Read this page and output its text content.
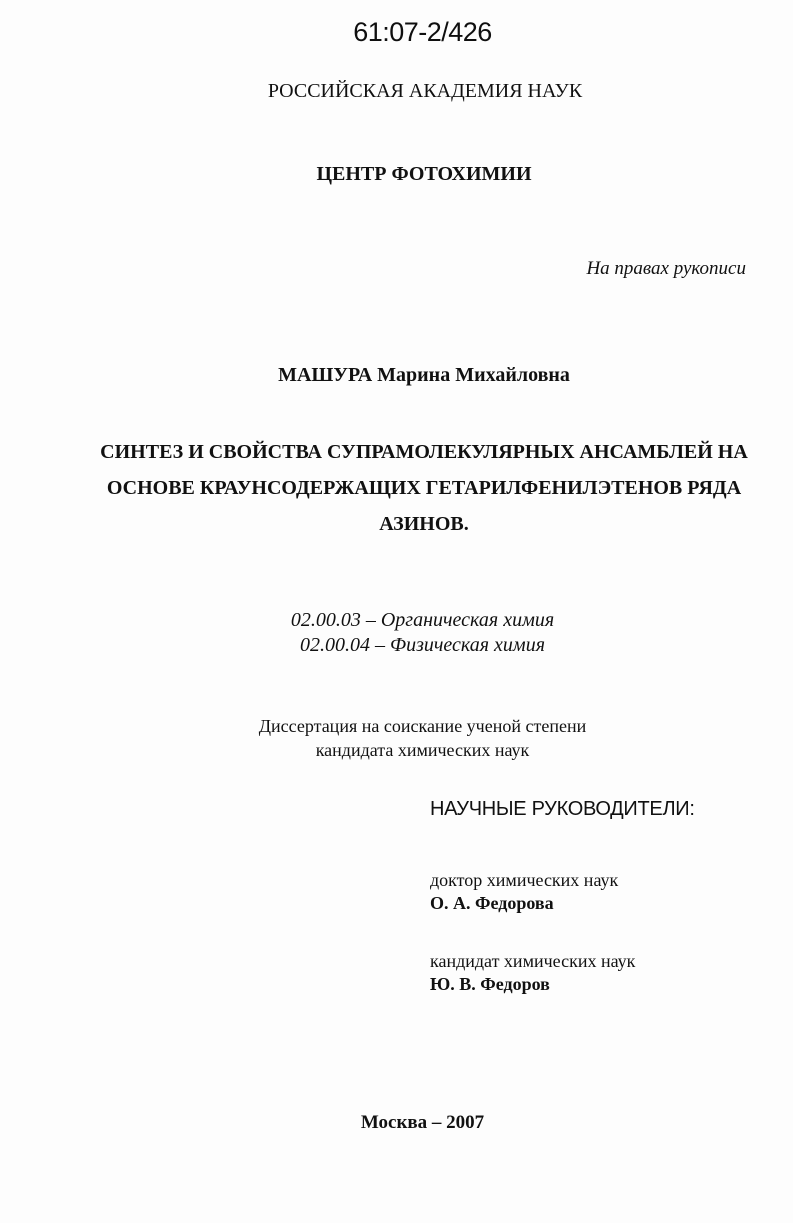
61:07-2/426

РОССИЙСКАЯ АКАДЕМИЯ НАУК

ЦЕНТР ФОТОХИМИИ

На правах рукописи

МАШУРА Марина Михайловна

СИНТЕЗ И СВОЙСТВА СУПРАМОЛЕКУЛЯРНЫХ АНСАМБЛЕЙ НА
ОСНОВЕ КРАУНСОДЕРЖАЩИХ ГЕТАРИЛФЕНИЛЭТЕНОВ РЯДА
АЗИНОВ.

02.00.03 – Органическая химия

02.00.04 – Физическая химия

Диссертация на соискание ученой степени

кандидата химических наук

НАУЧНЫЕ РУКОВОДИТЕЛИ:

доктор химических наук

О. А. Федорова

кандидат химических наук

Ю. В. Федоров

Москва – 2007
